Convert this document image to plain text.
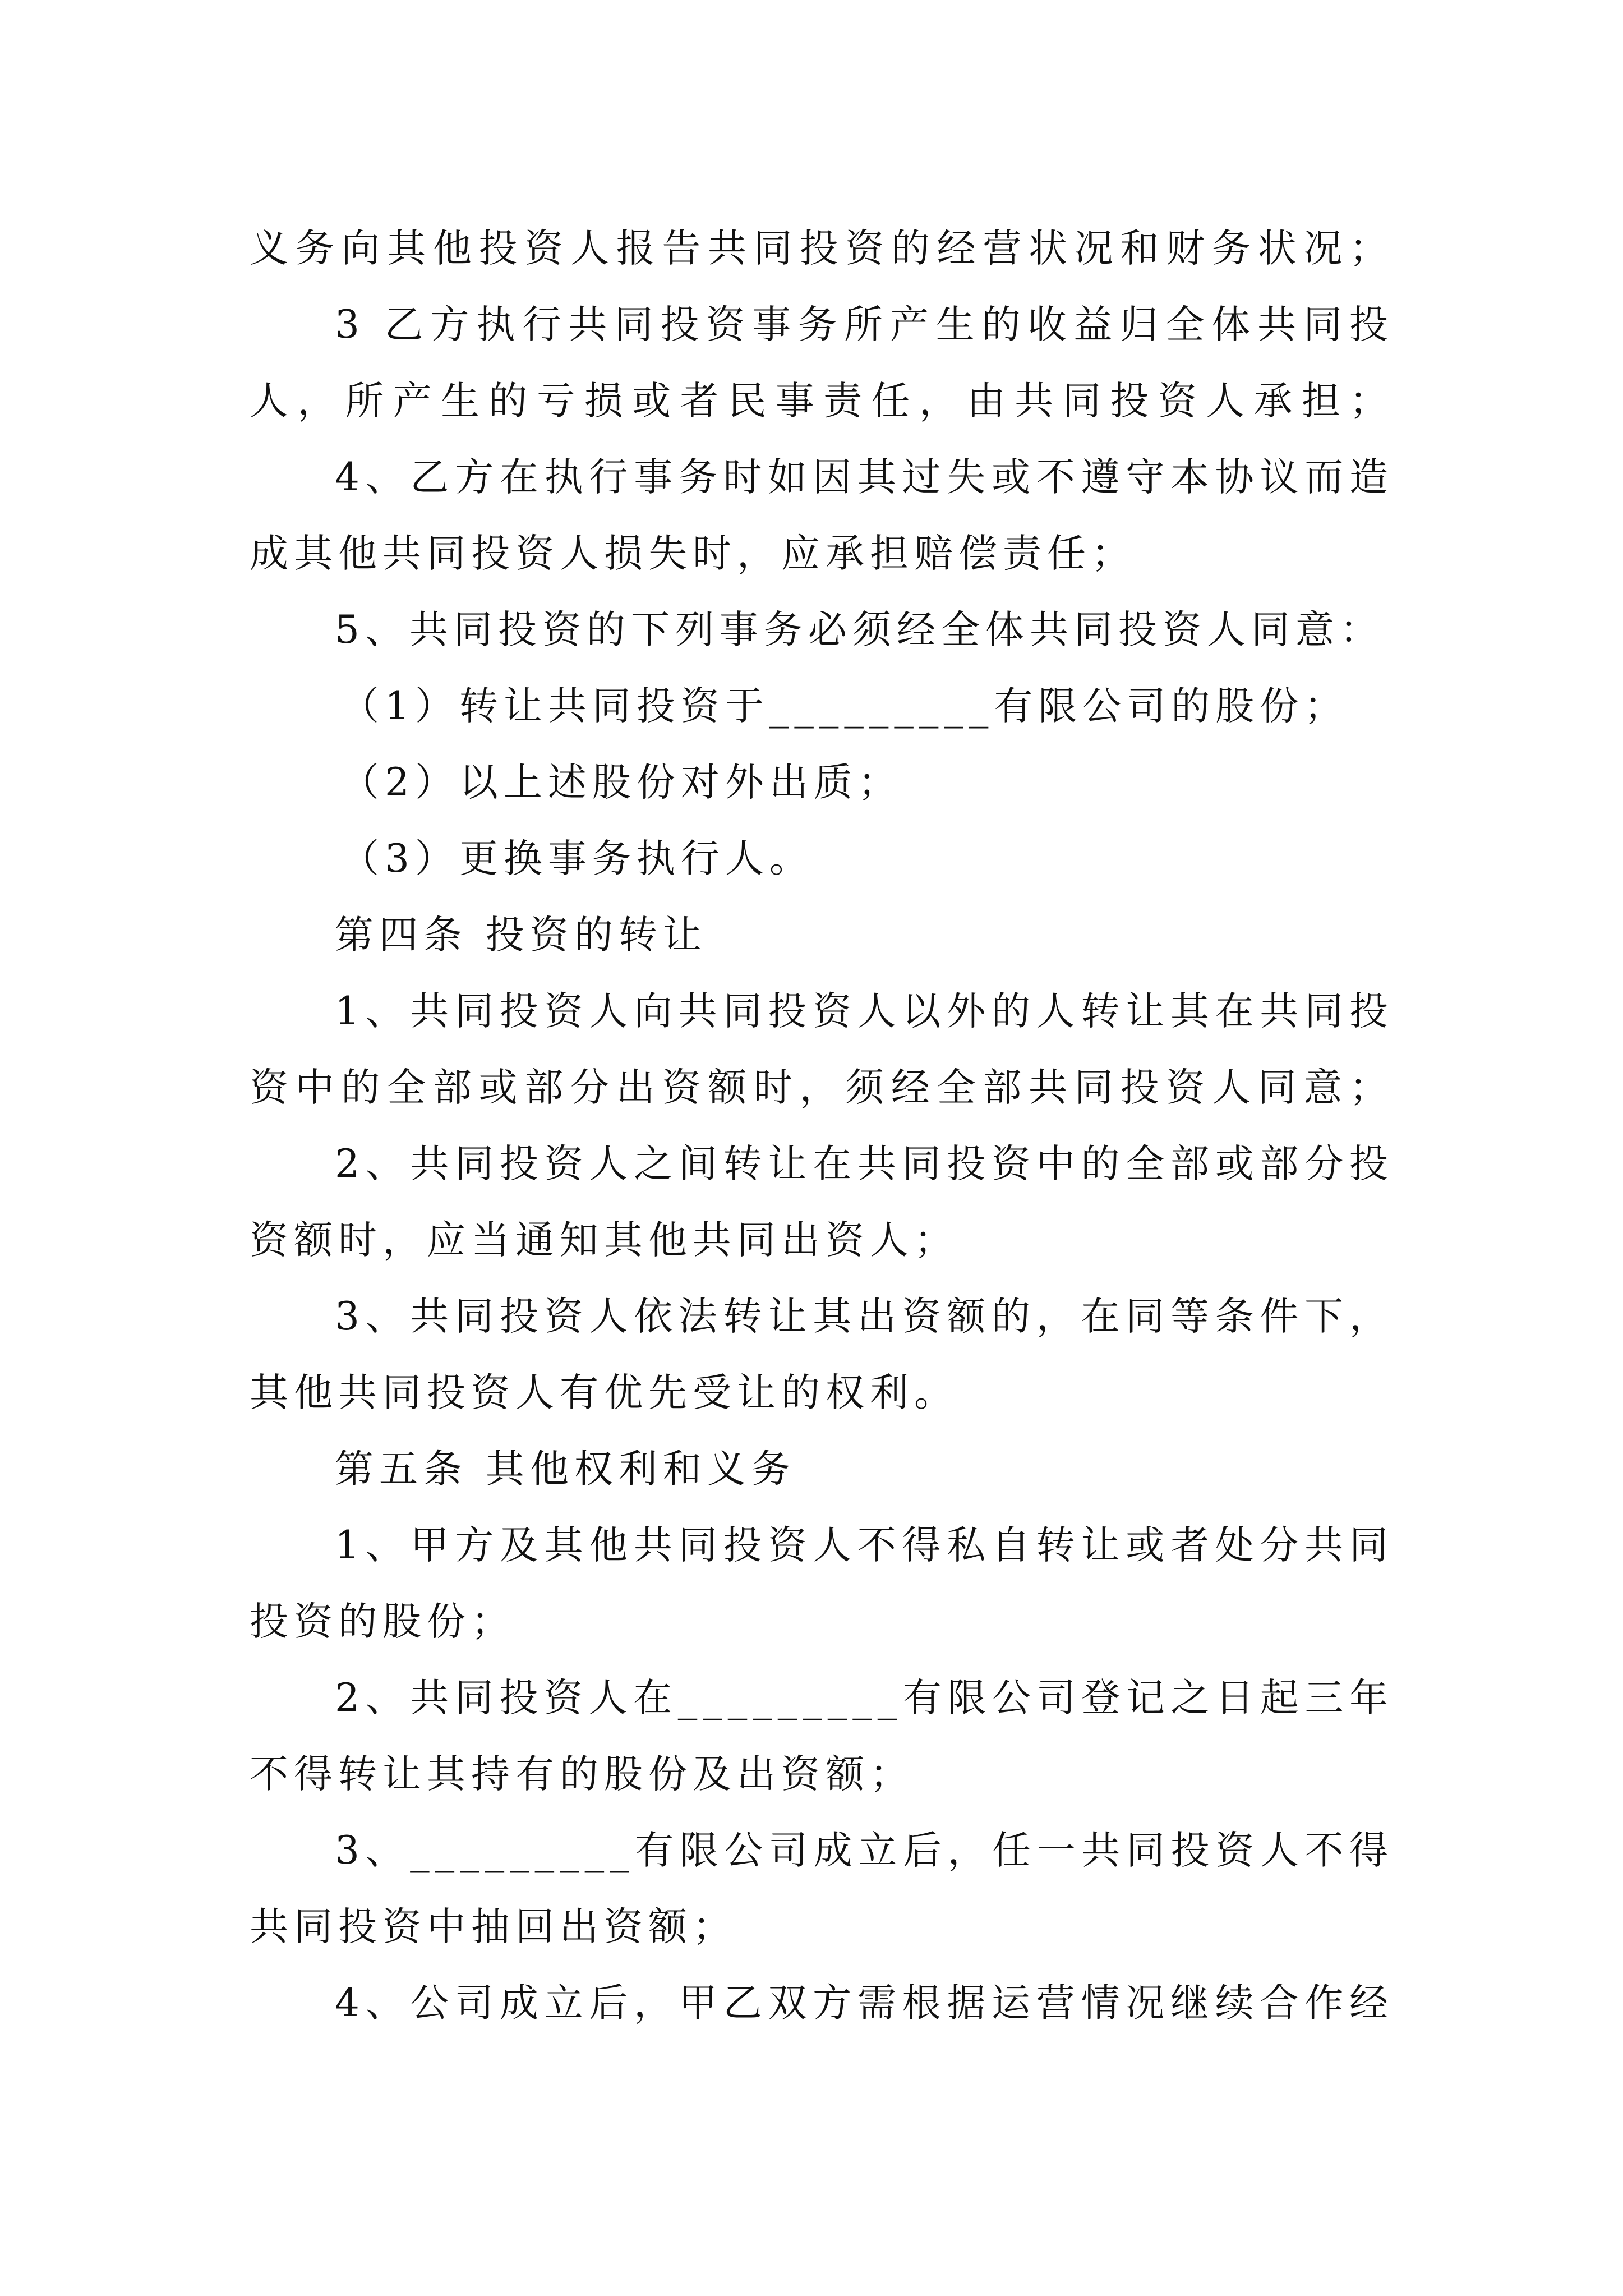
义务向其他投资人报告共同投资的经营状况和财务状况；
3 乙方执行共同投资事务所产生的收益归全体共同投
人，所产生的亏损或者民事责任，由共同投资人承担；
4、乙方在执行事务时如因其过失或不遵守本协议而造
成其他共同投资人损失时，应承担赔偿责任；
5、共同投资的下列事务必须经全体共同投资人同意：
（1）转让共同投资于_________有限公司的股份；
（2）以上述股份对外出质；
（3）更换事务执行人。
第四条 投资的转让
1、共同投资人向共同投资人以外的人转让其在共同投
资中的全部或部分出资额时，须经全部共同投资人同意；
2、共同投资人之间转让在共同投资中的全部或部分投
资额时，应当通知其他共同出资人；
3、共同投资人依法转让其出资额的，在同等条件下，
其他共同投资人有优先受让的权利。
第五条 其他权利和义务
1、甲方及其他共同投资人不得私自转让或者处分共同
投资的股份；
2、共同投资人在_________有限公司登记之日起三年
不得转让其持有的股份及出资额；
3、_________有限公司成立后，任一共同投资人不得
共同投资中抽回出资额；
4、公司成立后，甲乙双方需根据运营情况继续合作经
